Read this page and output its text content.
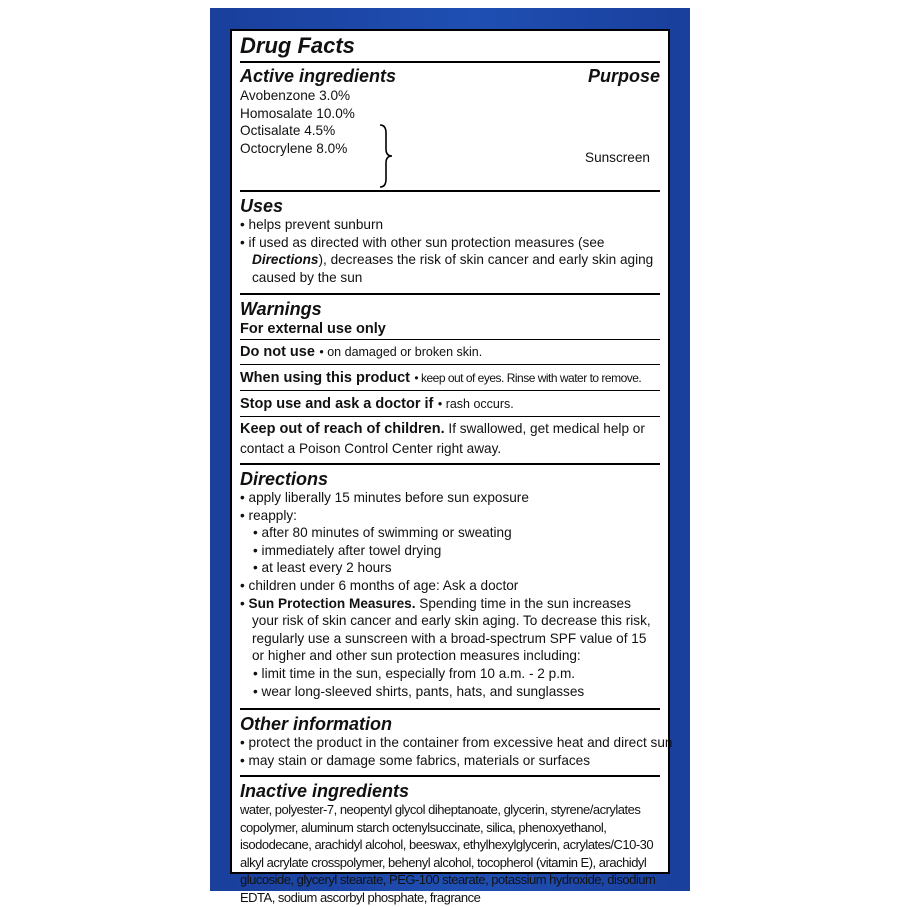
Drug Facts
Active ingredients	Purpose
Avobenzone 3.0%
Homosalate 10.0%
Octisalate 4.5%
Octocrylene 8.0%
Sunscreen
Uses
• helps prevent sunburn
• if used as directed with other sun protection measures (see Directions), decreases the risk of skin cancer and early skin aging caused by the sun
Warnings
For external use only
Do not use • on damaged or broken skin.
When using this product • keep out of eyes. Rinse with water to remove.
Stop use and ask a doctor if • rash occurs.
Keep out of reach of children. If swallowed, get medical help or contact a Poison Control Center right away.
Directions
• apply liberally 15 minutes before sun exposure
• reapply:
• after 80 minutes of swimming or sweating
• immediately after towel drying
• at least every 2 hours
• children under 6 months of age: Ask a doctor
• Sun Protection Measures. Spending time in the sun increases your risk of skin cancer and early skin aging. To decrease this risk, regularly use a sunscreen with a broad-spectrum SPF value of 15 or higher and other sun protection measures including:
• limit time in the sun, especially from 10 a.m. - 2 p.m.
• wear long-sleeved shirts, pants, hats, and sunglasses
Other information
• protect the product in the container from excessive heat and direct sun
• may stain or damage some fabrics, materials or surfaces
Inactive ingredients
water, polyester-7, neopentyl glycol diheptanoate, glycerin, styrene/acrylates copolymer, aluminum starch octenylsuccinate, silica, phenoxyethanol, isododecane, arachidyl alcohol, beeswax, ethylhexylglycerin, acrylates/C10-30 alkyl acrylate crosspolymer, behenyl alcohol, tocopherol (vitamin E), arachidyl glucoside, glyceryl stearate, PEG-100 stearate, potassium hydroxide, disodium EDTA, sodium ascorbyl phosphate, fragrance
